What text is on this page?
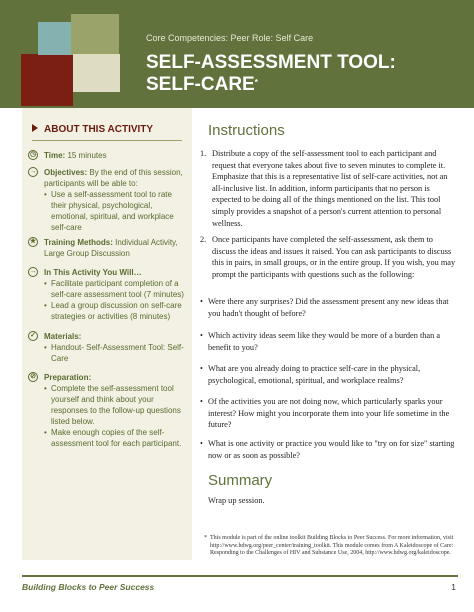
Core Competencies: Peer Role: Self Care
SELF-ASSESSMENT TOOL: SELF-CARE*
ABOUT THIS ACTIVITY
◷ Time: 15 minutes
→ Objectives: By the end of this session, participants will be able to:
• Use a self-assessment tool to rate their physical, psychological, emotional, spiritual, and workplace self-care
★ Training Methods: Individual Activity, Large Group Discussion
→ In This Activity You Will…
• Facilitate participant completion of a self-care assessment tool (7 minutes)
• Lead a group discussion on self-care strategies or activities (8 minutes)
✓ Materials:
• Handout- Self-Assessment Tool: Self-Care
⊘ Preparation:
• Complete the self-assessment tool yourself and think about your responses to the follow-up questions listed below.
• Make enough copies of the self-assessment tool for each participant.
Instructions
1. Distribute a copy of the self-assessment tool to each participant and request that everyone takes about five to seven minutes to complete it. Emphasize that this is a representative list of self-care activities, not an all-inclusive list. In addition, inform participants that no person is expected to be doing all of the things mentioned on the list. This tool simply provides a snapshot of a person's current attention to personal wellness.
2. Once participants have completed the self-assessment, ask them to discuss the ideas and issues it raised. You can ask participants to discuss this in pairs, in small groups, or in the entire group. If you wish, you may prompt the participants with questions such as the following:
• Were there any surprises? Did the assessment present any new ideas that you hadn't thought of before?
• Which activity ideas seem like they would be more of a burden than a benefit to you?
• What are you already doing to practice self-care in the physical, psychological, emotional, spiritual, and workplace realms?
• Of the activities you are not doing now, which particularly sparks your interest? How might you incorporate them into your life sometime in the future?
• What is one activity or practice you would like to "try on for size" starting now or as soon as possible?
Summary
Wrap up session.
* This module is part of the online toolkit Building Blocks to Peer Success. For more information, visit http://www.hdwg.org/peer_center/training_toolkit. This module comes from A Kaleidoscope of Care: Responding to the Challenges of HIV and Substance Use, 2004, http://www.hdwg.org/kaleidoscope.
Building Blocks to Peer Success	1
